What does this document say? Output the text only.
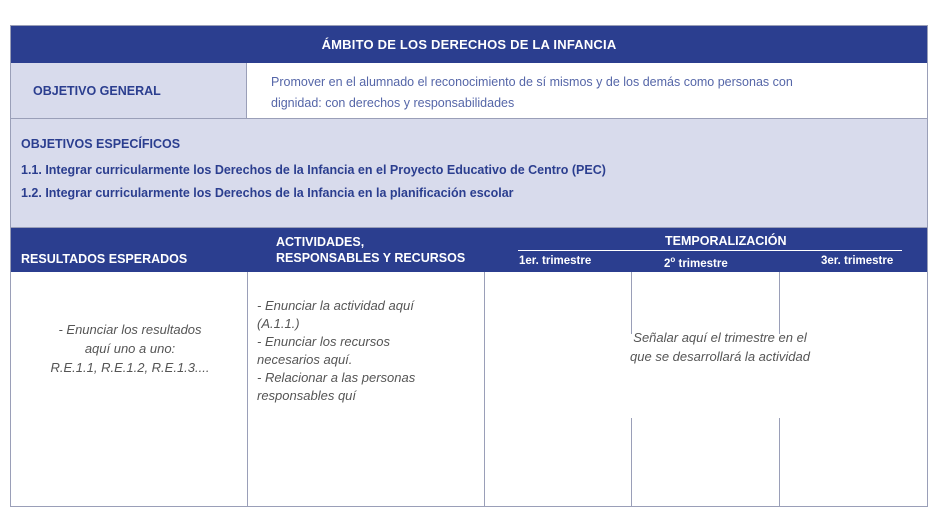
ÁMBITO DE LOS DERECHOS DE LA INFANCIA
OBJETIVO GENERAL
Promover en el alumnado el reconocimiento de sí mismos y de los demás como personas con
dignidad: con derechos y responsabilidades
OBJETIVOS ESPECÍFICOS
1.1. Integrar curricularmente los Derechos de la Infancia en el Proyecto Educativo de Centro (PEC)
1.2. Integrar curricularmente los Derechos de la Infancia en la planificación escolar
RESULTADOS ESPERADOS
ACTIVIDADES,
RESPONSABLES Y RECURSOS
TEMPORALIZACIÓN
1er. trimestre	2$^o$ trimestre	3er. trimestre
- Enunciar los resultados
aquí uno a uno:
R.E.1.1, R.E.1.2, R.E.1.3....
- Enunciar la actividad aquí
(A.1.1.)
- Enunciar los recursos
necesarios aquí.
- Relacionar a las personas
responsables quí
Señalar aquí el trimestre en el
que se desarrollará la actividad
